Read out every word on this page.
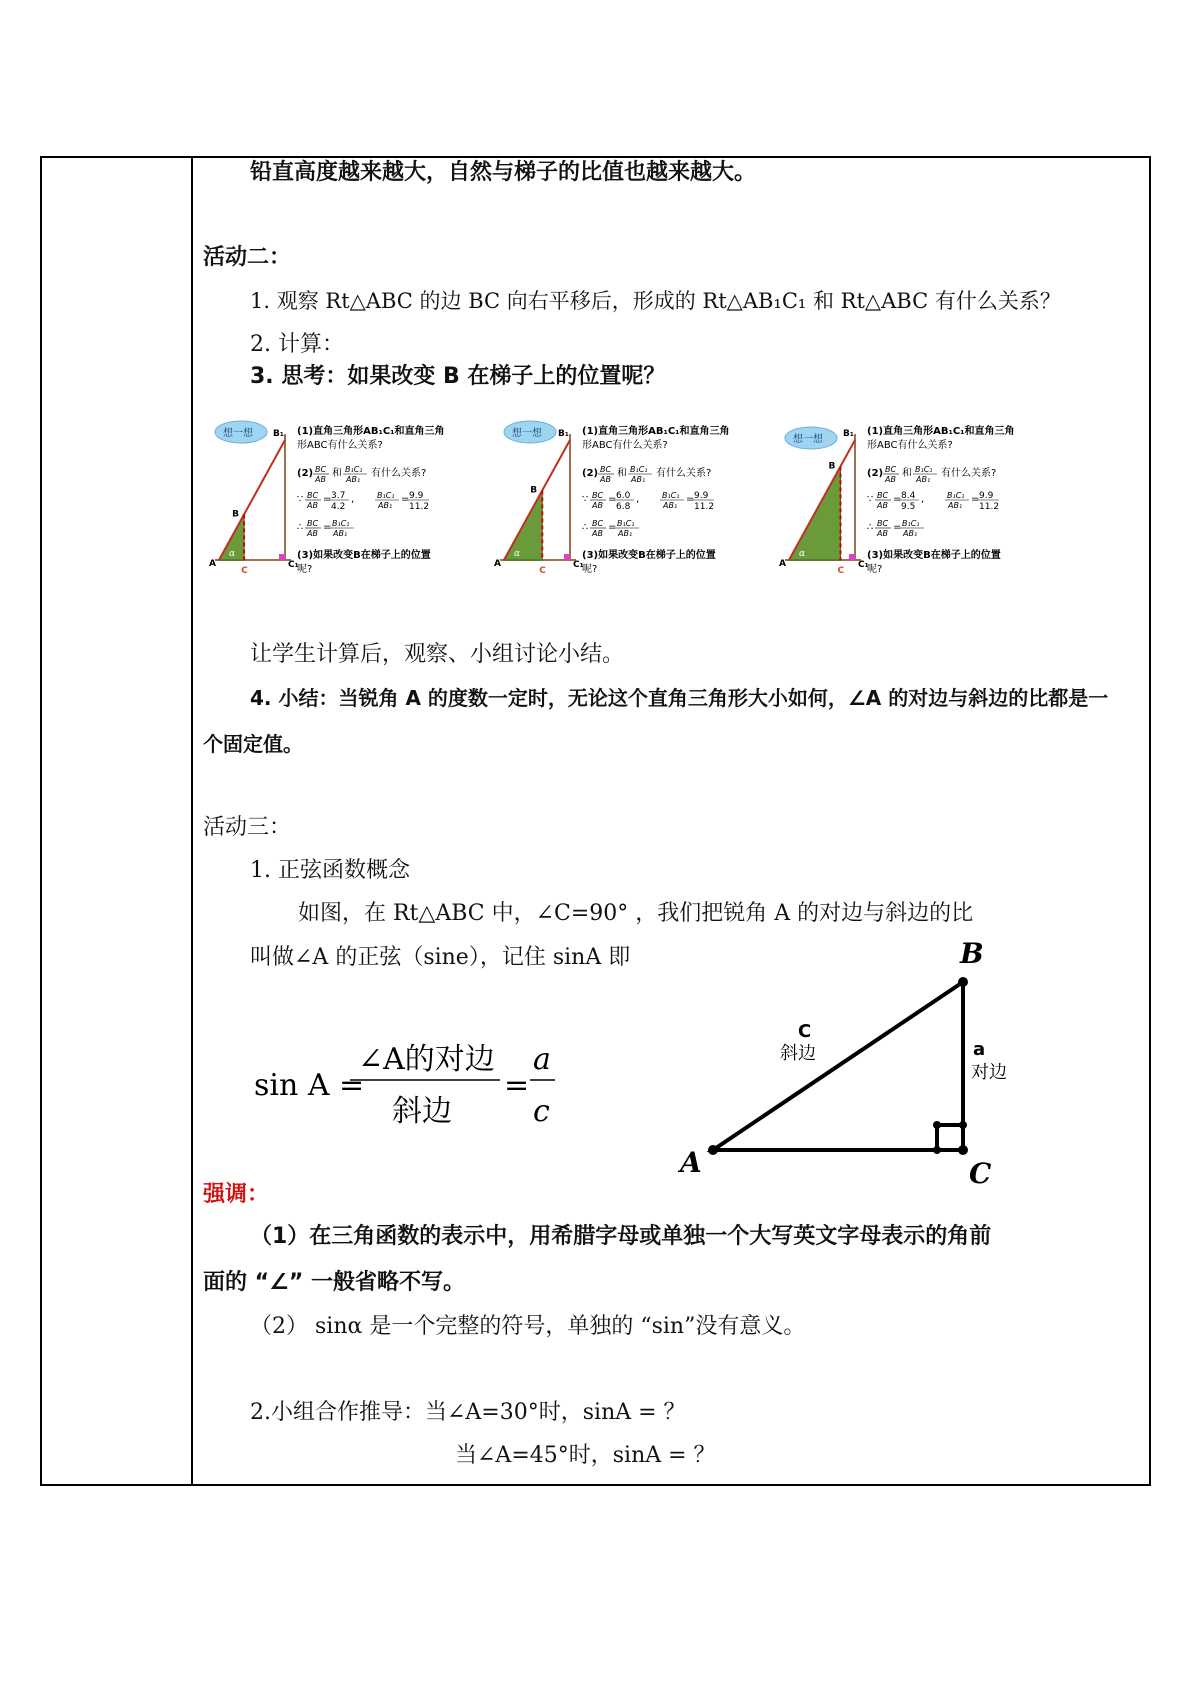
铅直高度越来越大，自然与梯子的比值也越来越大。
活动二：
1. 观察 Rt△ABC 的边 BC 向右平移后，形成的 Rt△AB₁C₁ 和 Rt△ABC 有什么关系？
2. 计算：
3. 思考：如果改变 B 在梯子上的位置呢？
想一想
A
B
B₁
C
C₁
α
(1)直角三角形AB₁C₁和直角三角
形ABC有什么关系?
(2) BC
AB
和 B₁C₁
AB₁
有什么关系?
∵ BC
AB
= 3.7
4.2
,	B₁C₁
AB₁
= 9.9
11.2
∴ BC
AB
= B₁C₁
AB₁
(3)如果改变B在梯子上的位置
呢?
想一想
A
B
B₁
C
C₁
α
(1)直角三角形AB₁C₁和直角三角
形ABC有什么关系?
(2) BC
AB
和 B₁C₁
AB₁
有什么关系?
∵ BC
AB
= 6.0
6.8
,	B₁C₁
AB₁
= 9.9
11.2
∴ BC
AB
= B₁C₁
AB₁
(3)如果改变B在梯子上的位置
呢?
想一想
A
B
B₁
C
C₁
α
(1)直角三角形AB₁C₁和直角三角
形ABC有什么关系?
(2) BC
AB
和 B₁C₁
AB₁
有什么关系?
∵ BC
AB
= 8.4
9.5
,	B₁C₁
AB₁
= 9.9
11.2
∴ BC
AB
= B₁C₁
AB₁
(3)如果改变B在梯子上的位置
呢?
让学生计算后，观察、小组讨论小结。
4. 小结：当锐角 A 的度数一定时，无论这个直角三角形大小如何，∠A 的对边与斜边的比都是一
个固定值。
活动三：
1. 正弦函数概念
如图，在 Rt△ABC 中，∠C=90° ，我们把锐角 A 的对边与斜边的比
叫做∠A 的正弦（sine），记住 sinA 即
sin A =
∠A的对边
斜边
=
a
c
A
B
C
C
斜边	a
对边
强调：
（1）在三角函数的表示中，用希腊字母或单独一个大写英文字母表示的角前
面的 “∠” 一般省略不写。
（2） sinα 是一个完整的符号，单独的 “sin”没有意义。
2.小组合作推导：当∠A=30°时，sinA = ？
当∠A=45°时，sinA = ？
